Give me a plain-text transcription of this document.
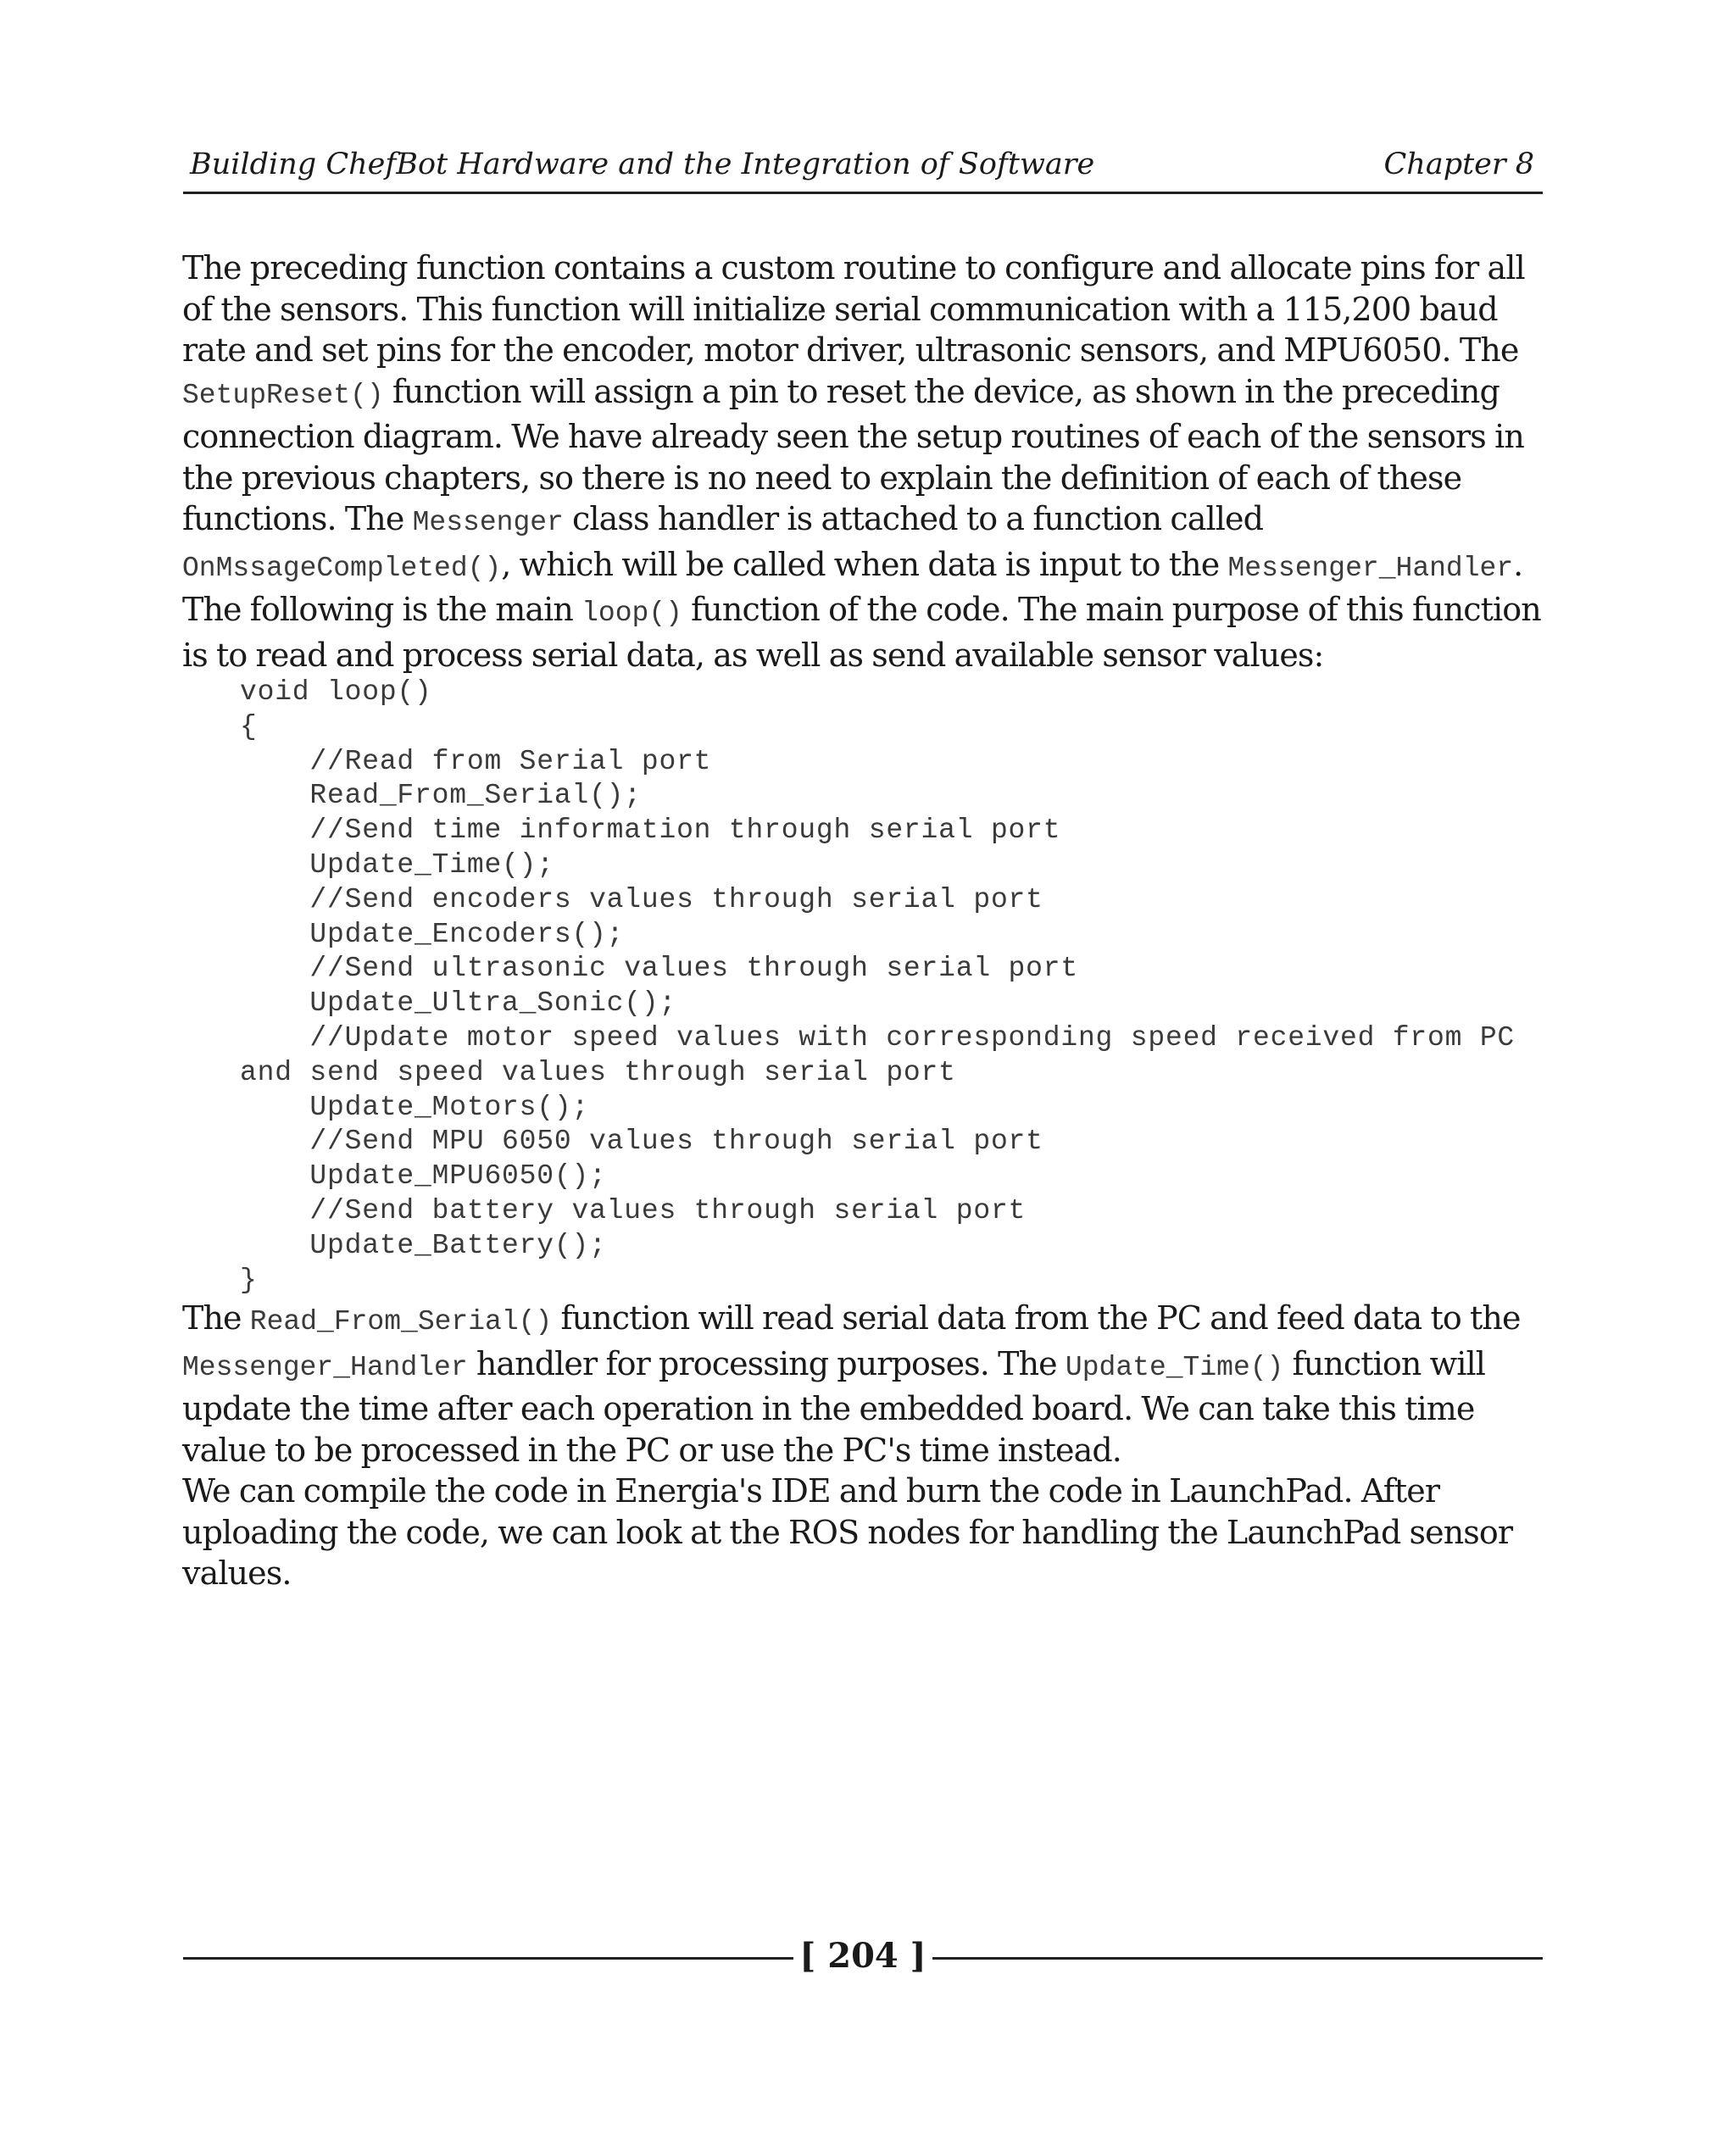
Building ChefBot Hardware and the Integration of Software	Chapter 8

The preceding function contains a custom routine to configure and allocate pins for all of the sensors. This function will initialize serial communication with a 115,200 baud rate and set pins for the encoder, motor driver, ultrasonic sensors, and MPU6050. The SetupReset() function will assign a pin to reset the device, as shown in the preceding connection diagram. We have already seen the setup routines of each of the sensors in the previous chapters, so there is no need to explain the definition of each of these functions. The Messenger class handler is attached to a function called OnMssageCompleted(), which will be called when data is input to the Messenger_Handler.

The following is the main loop() function of the code. The main purpose of this function is to read and process serial data, as well as send available sensor values:

void loop()
{
//Read from Serial port
Read_From_Serial();
//Send time information through serial port
Update_Time();
//Send encoders values through serial port
Update_Encoders();
//Send ultrasonic values through serial port
Update_Ultra_Sonic();
//Update motor speed values with corresponding speed received from PC
and send speed values through serial port
Update_Motors();
//Send MPU 6050 values through serial port
Update_MPU6050();
//Send battery values through serial port
Update_Battery();
}

The Read_From_Serial() function will read serial data from the PC and feed data to the Messenger_Handler handler for processing purposes. The Update_Time() function will update the time after each operation in the embedded board. We can take this time value to be processed in the PC or use the PC's time instead.

We can compile the code in Energia's IDE and burn the code in LaunchPad. After uploading the code, we can look at the ROS nodes for handling the LaunchPad sensor values.

[ 204 ]
